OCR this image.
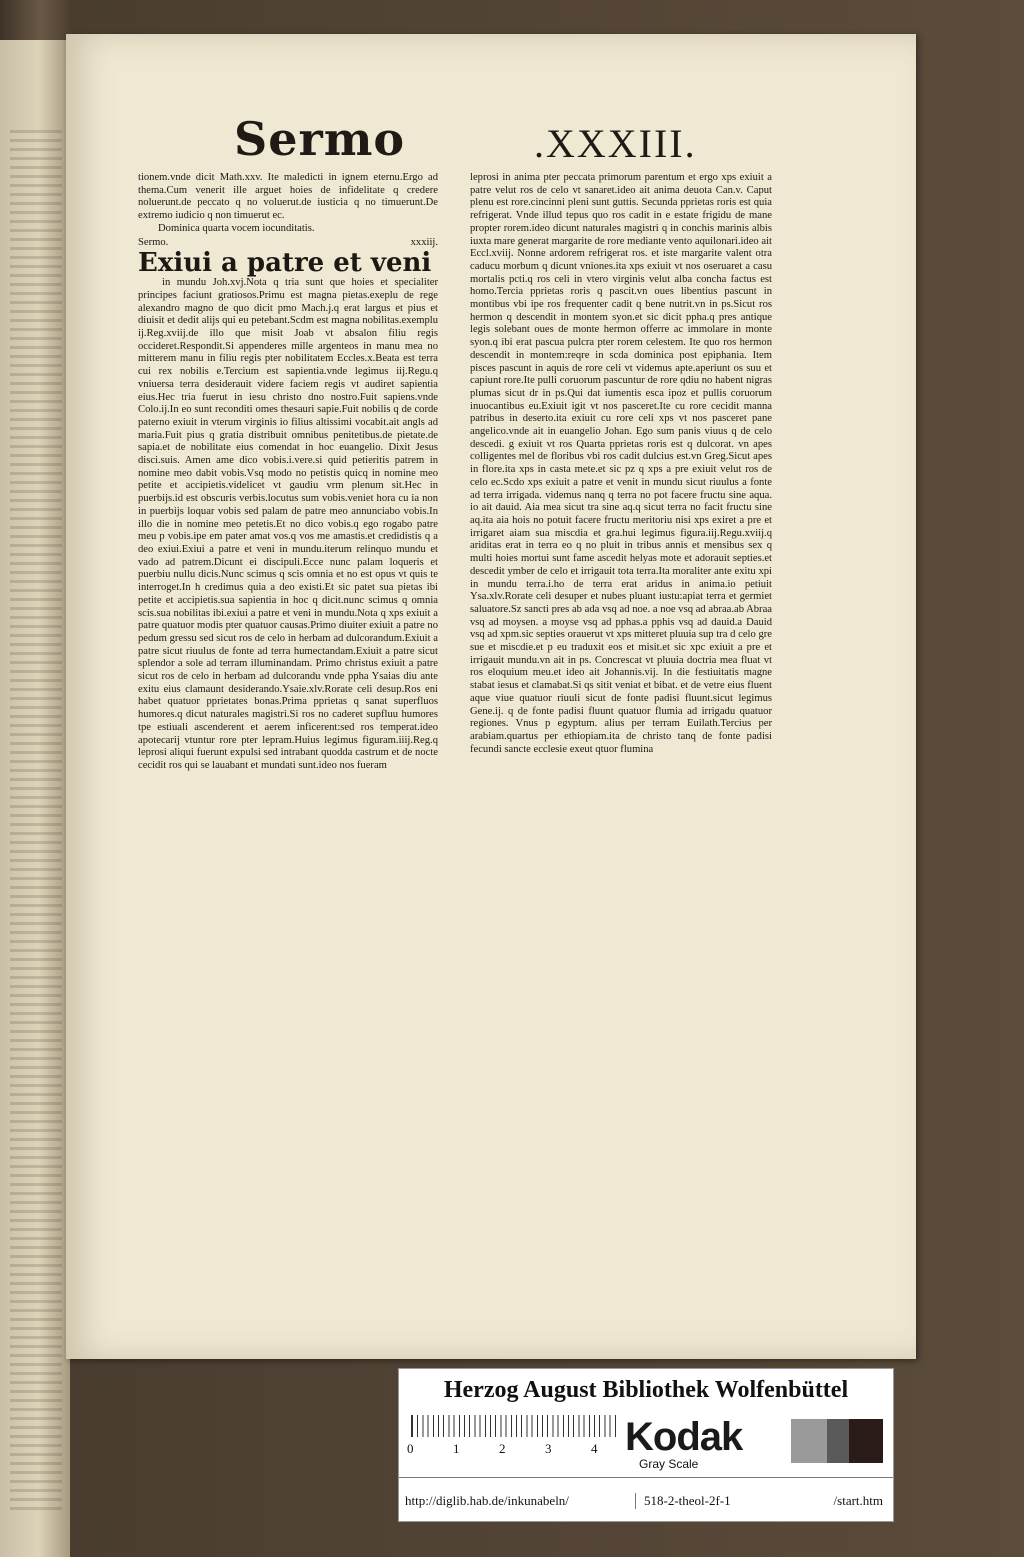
Sermo	.XXXIII.

tionem.vnde dicit Math.xxv. Ite maledicti in ignem eternu.Ergo ad thema.Cum venerit ille arguet hoies de infidelitate q credere noluerunt.de peccato q no voluerut.de iusticia q no timuerunt.De extremo iudicio q non timuerut ec.

Dominica quarta vocem iocunditatis.

Sermo.	xxxiij.

Exiui a patre et veni

in mundu Joh.xvj.Nota q tria sunt que hoies et specialiter principes faciunt gratiosos.Primu est magna pietas.exeplu de rege alexandro magno de quo dicit pmo Mach.j.q erat largus et pius et diuisit et dedit alijs qui eu petebant.Scdm est magna nobilitas.exemplu ij.Reg.xviij.de illo que misit Joab vt absalon filiu regis occideret.Respondit.Si appenderes mille argenteos in manu mea no mitterem manu in filiu regis pter nobilitatem Eccles.x.Beata est terra cui rex nobilis e.Tercium est sapientia.vnde legimus iij.Regu.q vniuersa terra desiderauit videre faciem regis vt audiret sapientia eius.Hec tria fuerut in iesu christo dno nostro.Fuit sapiens.vnde Colo.ij.In eo sunt reconditi omes thesauri sapie.Fuit nobilis q de corde paterno exiuit in vterum virginis io filius altissimi vocabit.ait angls ad maria.Fuit pius q gratia distribuit omnibus penitetibus.de pietate.de sapia.et de nobilitate eius comendat in hoc euangelio. Dixit Jesus disci.suis. Amen ame dico vobis.i.vere.si quid petieritis patrem in nomine meo dabit vobis.Vsq modo no petistis quicq in nomine meo petite et accipietis.videlicet vt gaudiu vrm plenum sit.Hec in puerbijs.id est obscuris verbis.locutus sum vobis.veniet hora cu ia non in puerbijs loquar vobis sed palam de patre meo annunciabo vobis.In illo die in nomine meo petetis.Et no dico vobis.q ego rogabo patre meu p vobis.ipe em pater amat vos.q vos me amastis.et credidistis q a deo exiui.Exiui a patre et veni in mundu.iterum relinquo mundu et vado ad patrem.Dicunt ei discipuli.Ecce nunc palam loqueris et puerbiu nullu dicis.Nunc scimus q scis omnia et no est opus vt quis te interroget.In h credimus quia a deo existi.Et sic patet sua pietas ibi petite et accipietis.sua sapientia in hoc q dicit.nunc scimus q omnia scis.sua nobilitas ibi.exiui a patre et veni in mundu.Nota q xps exiuit a patre quatuor modis pter quatuor causas.Primo diuiter exiuit a patre no pedum gressu sed sicut ros de celo in herbam ad dulcorandum.Exiuit a patre sicut riuulus de fonte ad terra humectandam.Exiuit a patre sicut splendor a sole ad terram illuminandam. Primo christus exiuit a patre sicut ros de celo in herbam ad dulcorandu vnde ppha Ysaias diu ante exitu eius clamaunt desiderando.Ysaie.xlv.Rorate celi desup.Ros eni habet quatuor pprietates bonas.Prima pprietas q sanat superfluos humores.q dicut naturales magistri.Si ros no caderet supfluu humores tpe estiuali ascenderent et aerem inficerent:sed ros temperat.ideo apotecarij vtuntur rore pter lepram.Huius legimus figuram.iiij.Reg.q leprosi aliqui fuerunt expulsi sed intrabant quodda castrum et de nocte cecidit ros qui se lauabant et mundati sunt.ideo nos fueram

leprosi in anima pter peccata primorum parentum et ergo xps exiuit a patre velut ros de celo vt sanaret.ideo ait anima deuota Can.v. Caput plenu est rore.cincinni pleni sunt guttis. Secunda pprietas roris est quia refrigerat. Vnde illud tepus quo ros cadit in e estate frigidu de mane propter rorem.ideo dicunt naturales magistri q in conchis marinis albis iuxta mare generat margarite de rore mediante vento aquilonari.ideo ait Eccl.xviij. Nonne ardorem refrigerat ros. et iste margarite valent otra caducu morbum q dicunt vniones.ita xps exiuit vt nos oseruaret a casu mortalis pcti.q ros celi in vtero virginis velut alba concha factus est homo.Tercia pprietas roris q pascit.vn oues libentius pascunt in montibus vbi ipe ros frequenter cadit q bene nutrit.vn in ps.Sicut ros hermon q descendit in montem syon.et sic dicit ppha.q pres antique legis solebant oues de monte hermon offerre ac immolare in monte syon.q ibi erat pascua pulcra pter rorem celestem. Ite quo ros hermon descendit in montem:reqre in scda dominica post epiphania. Item pisces pascunt in aquis de rore celi vt videmus apte.aperiunt os suu et capiunt rore.Ite pulli coruorum pascuntur de rore qdiu no habent nigras plumas sicut dr in ps.Qui dat iumentis esca ipoz et pullis coruorum inuocantibus eu.Exiuit igit vt nos pasceret.Ite cu rore cecidit manna patribus in deserto.ita exiuit cu rore celi xps vt nos pasceret pane angelico.vnde ait in euangelio Johan. Ego sum panis viuus q de celo descedi. g exiuit vt ros Quarta pprietas roris est q dulcorat. vn apes colligentes mel de floribus vbi ros cadit dulcius est.vn Greg.Sicut apes in flore.ita xps in casta mete.et sic pz q xps a pre exiuit velut ros de celo ec.Scdo xps exiuit a patre et venit in mundu sicut riuulus a fonte ad terra irrigada. videmus nanq q terra no pot facere fructu sine aqua. io ait dauid. Aia mea sicut tra sine aq.q sicut terra no facit fructu sine aq.ita aia hois no potuit facere fructu meritoriu nisi xps exiret a pre et irrigaret aiam sua miscdia et gra.hui legimus figura.iij.Regu.xviij.q ariditas erat in terra eo q no pluit in tribus annis et mensibus sex q multi hoies mortui sunt fame ascedit helyas mote et adorauit septies.et descedit ymber de celo et irrigauit tota terra.Ita moraliter ante exitu xpi in mundu terra.i.ho de terra erat aridus in anima.io petiuit Ysa.xlv.Rorate celi desuper et nubes pluant iustu:apiat terra et germiet saluatore.Sz sancti pres ab ada vsq ad noe. a noe vsq ad abraa.ab Abraa vsq ad moysen. a moyse vsq ad pphas.a pphis vsq ad dauid.a Dauid vsq ad xpm.sic septies orauerut vt xps mitteret pluuia sup tra d celo gre sue et miscdie.et p eu traduxit eos et misit.et sic xpc exiuit a pre et irrigauit mundu.vn ait in ps. Concrescat vt pluuia doctria mea fluat vt ros eloquium meu.et ideo ait Johannis.vij. In die festiuitatis magne stabat iesus et clamabat.Si qs sitit veniat et bibat. et de vetre eius fluent aque viue quatuor riuuli sicut de fonte padisi fluunt.sicut legimus Gene.ij. q de fonte padisi fluunt quatuor flumia ad irrigadu quatuor regiones. Vnus p egyptum. alius per terram Euilath.Tercius per arabiam.quartus per ethiopiam.ita de christo tanq de fonte padisi fecundi sancte ecclesie exeut qtuor flumina

Herzog August Bibliothek Wolfenbüttel
0	1	2	3	4 Kodak
Gray Scale
http://diglib.hab.de/inkunabeln/	518-2-theol-2f-1	/start.htm
